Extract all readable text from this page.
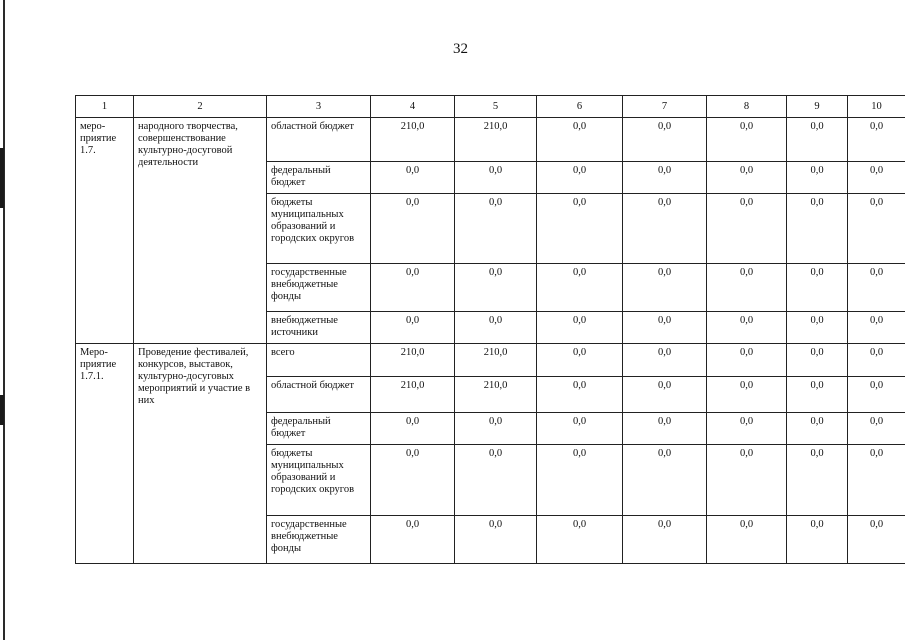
32
1	2	3	4	5	6	7	8	9	10
меро-
приятие
1.7.	народного творчества, совершенствование культурно-досуговой деятельности	областной бюджет	210,0	210,0	0,0	0,0	0,0	0,0	0,0
		федеральный бюджет	0,0	0,0	0,0	0,0	0,0	0,0	0,0
		бюджеты муниципальных образований и городских округов	0,0	0,0	0,0	0,0	0,0	0,0	0,0
		государственные внебюджетные фонды	0,0	0,0	0,0	0,0	0,0	0,0	0,0
		внебюджетные источники	0,0	0,0	0,0	0,0	0,0	0,0	0,0
Меро-
приятие
1.7.1.	Проведение фестивалей, конкурсов, выставок, культурно-досуговых мероприятий и участие в них	всего	210,0	210,0	0,0	0,0	0,0	0,0	0,0
		областной бюджет	210,0	210,0	0,0	0,0	0,0	0,0	0,0
		федеральный бюджет	0,0	0,0	0,0	0,0	0,0	0,0	0,0
		бюджеты муниципальных образований и городских округов	0,0	0,0	0,0	0,0	0,0	0,0	0,0
		государственные внебюджетные фонды	0,0	0,0	0,0	0,0	0,0	0,0	0,0
